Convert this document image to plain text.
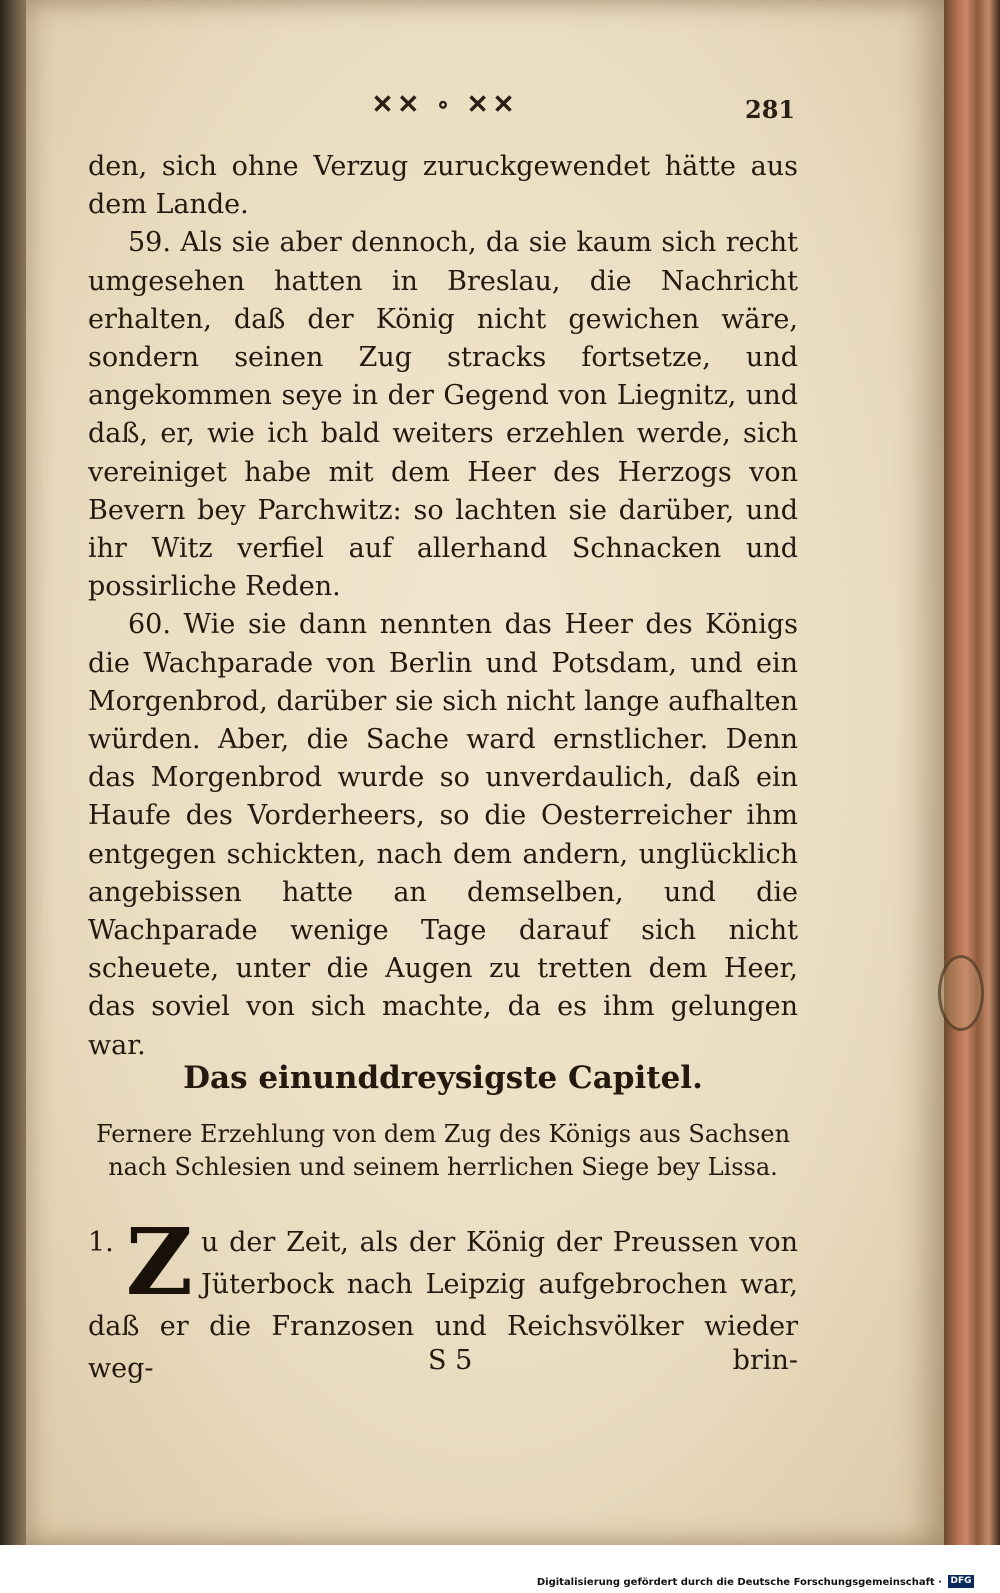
✕✕ ∘ ✕✕	281

den, sich ohne Verzug zuruckgewendet hätte aus dem Lande.

59. Als sie aber dennoch, da sie kaum sich recht umgesehen hatten in Breslau, die Nachricht erhalten, daß der König nicht gewichen wäre, sondern seinen Zug stracks fortsetze, und angekommen seye in der Gegend von Liegnitz, und daß, er, wie ich bald weiters erzehlen werde, sich vereiniget habe mit dem Heer des Herzogs von Bevern bey Parchwitz: so lachten sie darüber, und ihr Witz verfiel auf allerhand Schnacken und possirliche Reden.

60. Wie sie dann nennten das Heer des Königs die Wachparade von Berlin und Potsdam, und ein Morgenbrod, darüber sie sich nicht lange aufhalten würden. Aber, die Sache ward ernstlicher. Denn das Morgenbrod wurde so unverdaulich, daß ein Haufe des Vorderheers, so die Oesterreicher ihm entgegen schickten, nach dem andern, unglücklich angebissen hatte an demselben, und die Wachparade wenige Tage darauf sich nicht scheuete, unter die Augen zu tretten dem Heer, das soviel von sich machte, da es ihm gelungen war.

Das einunddreysigste Capitel.
Fernere Erzehlung von dem Zug des Königs aus Sachsen nach Schlesien und seinem herrlichen Siege bey Lissa.
1. Z u der Zeit, als der König der Preussen von Jüterbock nach Leipzig aufgebrochen war, daß er die Franzosen und Reichsvölker wieder weg-	S 5	brin-
Digitalisierung gefördert durch die Deutsche Forschungsgemeinschaft · DFG
